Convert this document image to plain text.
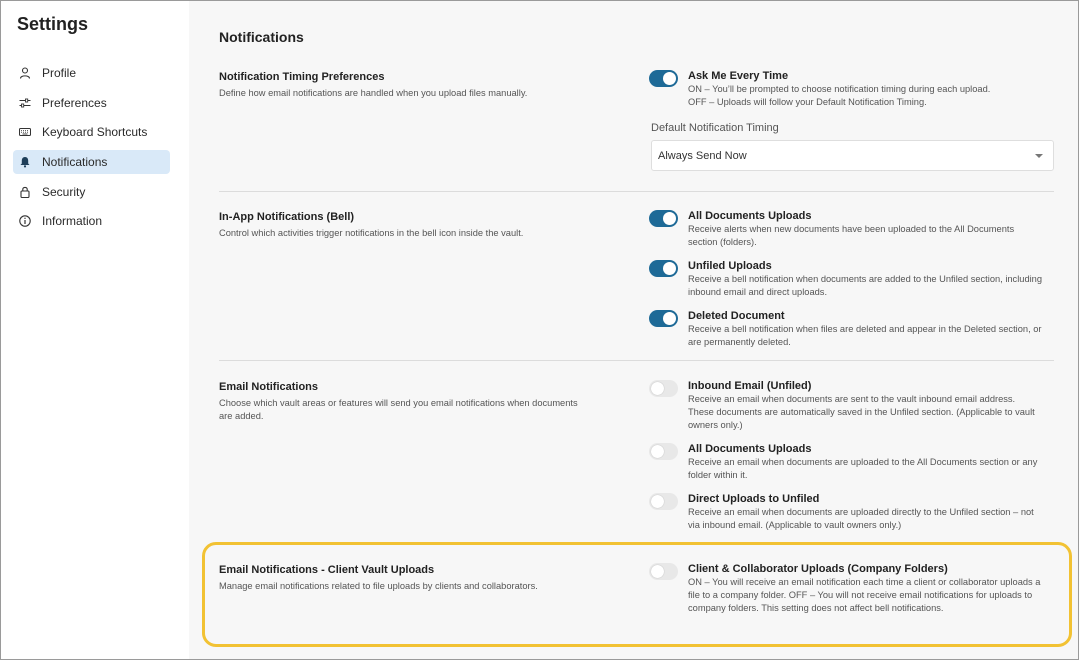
Settings
Profile
Preferences
Keyboard Shortcuts
Notifications
Security
Information
Notifications
Notification Timing Preferences
Define how email notifications are handled when you upload files manually.
Ask Me Every Time
ON – You’ll be prompted to choose notification timing during each upload.
OFF – Uploads will follow your Default Notification Timing.
Default Notification Timing
Always Send Now
In-App Notifications (Bell)
Control which activities trigger notifications in the bell icon inside the vault.
All Documents Uploads
Receive alerts when new documents have been uploaded to the All Documents section (folders).
Unfiled Uploads
Receive a bell notification when documents are added to the Unfiled section, including inbound email and direct uploads.
Deleted Document
Receive a bell notification when files are deleted and appear in the Deleted section, or are permanently deleted.
Email Notifications
Choose which vault areas or features will send you email notifications when documents are added.
Inbound Email (Unfiled)
Receive an email when documents are sent to the vault inbound email address. These documents are automatically saved in the Unfiled section. (Applicable to vault owners only.)
All Documents Uploads
Receive an email when documents are uploaded to the All Documents section or any folder within it.
Direct Uploads to Unfiled
Receive an email when documents are uploaded directly to the Unfiled section – not via inbound email. (Applicable to vault owners only.)
Email Notifications - Client Vault Uploads
Manage email notifications related to file uploads by clients and collaborators.
Client & Collaborator Uploads (Company Folders)
ON – You will receive an email notification each time a client or collaborator uploads a file to a company folder. OFF – You will not receive email notifications for uploads to company folders. This setting does not affect bell notifications.
